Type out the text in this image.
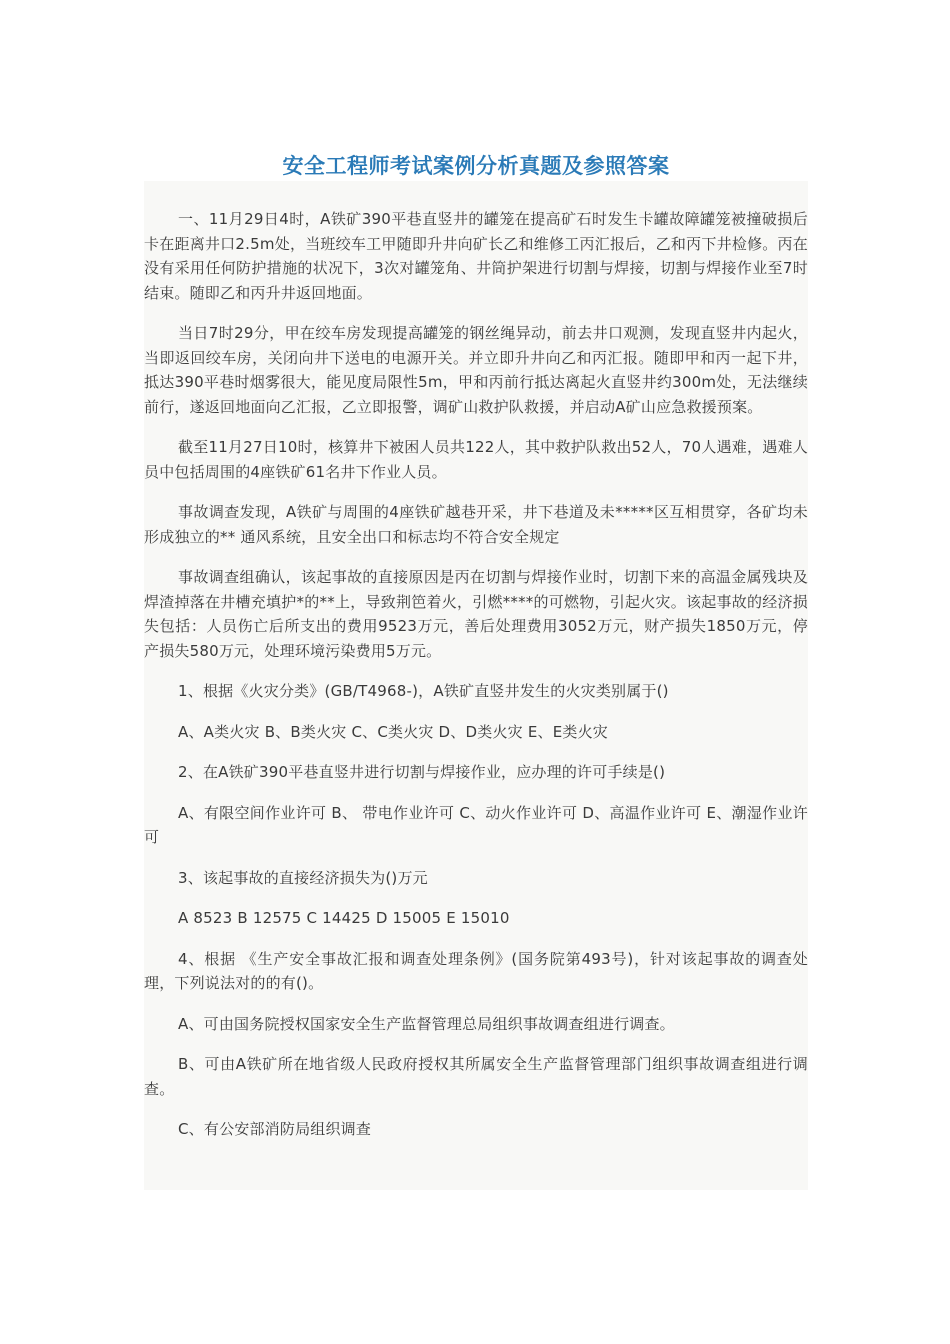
安全工程师考试案例分析真题及参照答案

一、11月29日4时，A铁矿390平巷直竖井的罐笼在提高矿石时发生卡罐故障罐笼被撞破损后卡在距离井口2.5m处，当班绞车工甲随即升井向矿长乙和维修工丙汇报后，乙和丙下井检修。丙在没有采用任何防护措施的状况下，3次对罐笼角、井筒护架进行切割与焊接，切割与焊接作业至7时结束。随即乙和丙升井返回地面。

当日7时29分，甲在绞车房发现提高罐笼的钢丝绳异动，前去井口观测，发现直竖井内起火，当即返回绞车房，关闭向井下送电的电源开关。并立即升井向乙和丙汇报。随即甲和丙一起下井，抵达390平巷时烟雾很大，能见度局限性5m，甲和丙前行抵达离起火直竖井约300m处，无法继续前行，遂返回地面向乙汇报，乙立即报警，调矿山救护队救援，并启动A矿山应急救援预案。

截至11月27日10时，核算井下被困人员共122人，其中救护队救出52人，70人遇难，遇难人员中包括周围的4座铁矿61名井下作业人员。

事故调查发现，A铁矿与周围的4座铁矿越巷开采，井下巷道及未*****区互相贯穿，各矿均未形成独立的** 通风系统，且安全出口和标志均不符合安全规定

事故调查组确认，该起事故的直接原因是丙在切割与焊接作业时，切割下来的高温金属残块及焊渣掉落在井槽充填护*的**上，导致荆笆着火，引燃****的可燃物，引起火灾。该起事故的经济损失包括：人员伤亡后所支出的费用9523万元，善后处理费用3052万元，财产损失1850万元，停产损失580万元，处理环境污染费用5万元。

1、根据《火灾分类》(GB/T4968-)，A铁矿直竖井发生的火灾类别属于()

A、A类火灾 B、B类火灾 C、C类火灾 D、D类火灾 E、E类火灾

2、在A铁矿390平巷直竖井进行切割与焊接作业，应办理的许可手续是()

A、有限空间作业许可 B、 带电作业许可 C、动火作业许可 D、高温作业许可 E、潮湿作业许可

3、该起事故的直接经济损失为()万元

A 8523 B 12575 C 14425 D 15005 E 15010

4、根据 《生产安全事故汇报和调查处理条例》(国务院第493号)，针对该起事故的调查处理，下列说法对的的有()。

A、可由国务院授权国家安全生产监督管理总局组织事故调查组进行调查。

B、可由A铁矿所在地省级人民政府授权其所属安全生产监督管理部门组织事故调查组进行调查。

C、有公安部消防局组织调查
